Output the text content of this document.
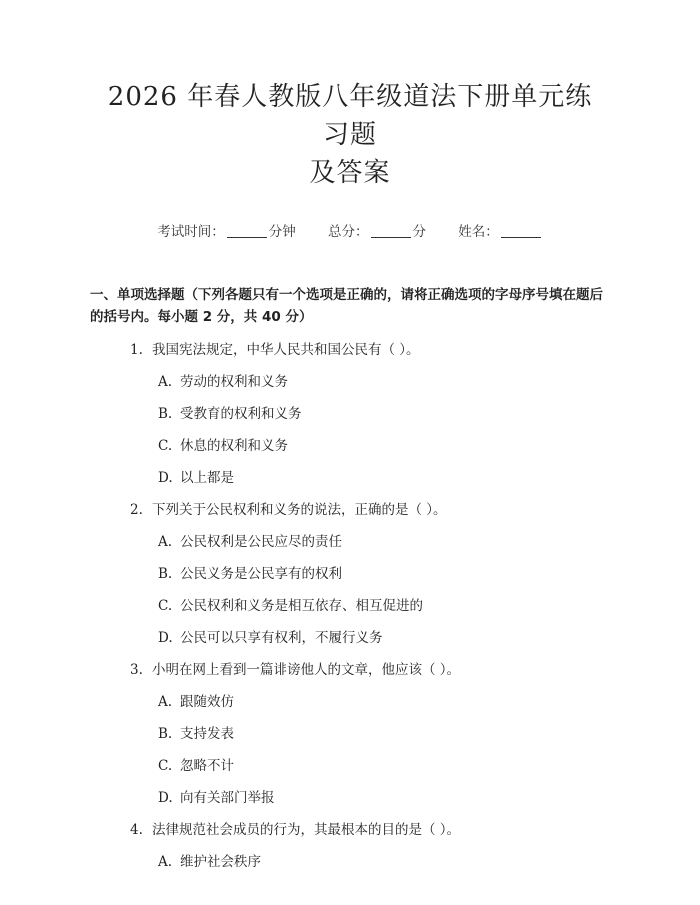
2026 年春人教版八年级道法下册单元练习题
及答案
考试时间：	分钟 总分：	分 姓名：
一、单项选择题（下列各题只有一个选项是正确的，请将正确选项的字母序号填在题后的括号内。每小题 2 分，共 40 分）

1. 我国宪法规定，中华人民共和国公民有（ ）。

A. 劳动的权利和义务
B. 受教育的权利和义务
C. 休息的权利和义务
D. 以上都是

2. 下列关于公民权利和义务的说法，正确的是（ ）。

A. 公民权利是公民应尽的责任
B. 公民义务是公民享有的权利
C. 公民权利和义务是相互依存、相互促进的
D. 公民可以只享有权利，不履行义务

3. 小明在网上看到一篇诽谤他人的文章，他应该（ ）。

A. 跟随效仿
B. 支持发表
C. 忽略不计
D. 向有关部门举报

4. 法律规范社会成员的行为，其最根本的目的是（ ）。

A. 维护社会秩序
